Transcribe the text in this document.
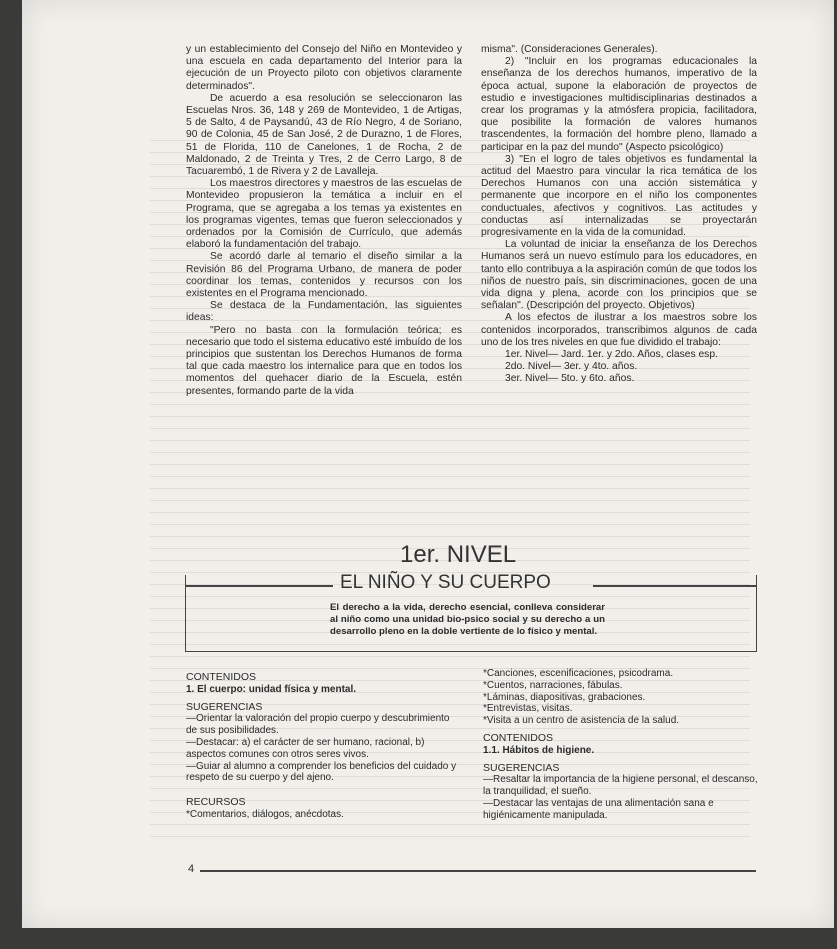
y un establecimiento del Consejo del Niño en Montevideo y una escuela en cada departamento del Interior para la ejecución de un Proyecto piloto con objetivos claramente determinados".

De acuerdo a esa resolución se seleccionaron las Escuelas Nros. 36, 148 y 269 de Montevideo, 1 de Artigas, 5 de Salto, 4 de Paysandú, 43 de Río Negro, 4 de Soriano, 90 de Colonia, 45 de San José, 2 de Durazno, 1 de Flores, 51 de Florida, 110 de Canelones, 1 de Rocha, 2 de Maldonado, 2 de Treinta y Tres, 2 de Cerro Largo, 8 de Tacuarembó, 1 de Rivera y 2 de Lavalleja.

Los maestros directores y maestros de las escuelas de Montevideo propusieron la temática a incluir en el Programa, que se agregaba a los temas ya existentes en los programas vigentes, temas que fueron seleccionados y ordenados por la Comisión de Currículo, que además elaboró la fundamentación del trabajo.

Se acordó darle al temario el diseño similar a la Revisión 86 del Programa Urbano, de manera de poder coordinar los temas, contenidos y recursos con los existentes en el Programa mencionado.

Se destaca de la Fundamentación, las siguientes ideas:

"Pero no basta con la formulación teórica; es necesario que todo el sistema educativo esté imbuído de los principios que sustentan los Derechos Humanos de forma tal que cada maestro los internalice para que en todos los momentos del quehacer diario de la Escuela, estén presentes, formando parte de la vida

misma". (Consideraciones Generales).

2) "Incluir en los programas educacionales la enseñanza de los derechos humanos, imperativo de la época actual, supone la elaboración de proyectos de estudio e investigaciones multidisciplinarias destinados a crear los programas y la atmósfera propicia, facilitadora, que posibilite la formación de valores humanos trascendentes, la formación del hombre pleno, llamado a participar en la paz del mundo" (Aspecto psicológico)

3) "En el logro de tales objetivos es fundamental la actitud del Maestro para vincular la rica temática de los Derechos Humanos con una acción sistemática y permanente que incorpore en el niño los componentes conductuales, afectivos y cognitivos. Las actitudes y conductas así internalizadas se proyectarán progresivamente en la vida de la comunidad.

La voluntad de iniciar la enseñanza de los Derechos Humanos será un nuevo estímulo para los educadores, en tanto ello contribuya a la aspiración común de que todos los niños de nuestro país, sin discriminaciones, gocen de una vida digna y plena, acorde con los principios que se señalan". (Descripción del proyecto. Objetivos)

A los efectos de ilustrar a los maestros sobre los contenidos incorporados, transcribimos algunos de cada uno de los tres niveles en que fue dividido el trabajo:

1er. Nivel— Jard. 1er. y 2do. Años, clases esp.

2do. Nivel— 3er. y 4to. años.

3er. Nivel— 5to. y 6to. años.

1er. NIVEL
EL NIÑO Y SU CUERPO
El derecho a la vida, derecho esencial, conlleva considerar al niño como una unidad bio-psico social y su derecho a un desarrollo pleno en la doble vertiente de lo físico y mental.

CONTENIDOS

1. El cuerpo: unidad física y mental.

SUGERENCIAS

—Orientar la valoración del propio cuerpo y descubrimiento de sus posibilidades.

—Destacar: a) el carácter de ser humano, racional, b) aspectos comunes con otros seres vivos.

—Guiar al alumno a comprender los beneficios del cuidado y respeto de su cuerpo y del ajeno.

RECURSOS

*Comentarios, diálogos, anécdotas.

*Canciones, escenificaciones, psicodrama.

*Cuentos, narraciones, fábulas.

*Láminas, diapositivas, grabaciones.

*Entrevistas, visitas.

*Visita a un centro de asistencia de la salud.

CONTENIDOS

1.1. Hábitos de higiene.

SUGERENCIAS

—Resaltar la importancia de la higiene personal, el descanso, la tranquilidad, el sueño.

—Destacar las ventajas de una alimentación sana e higiénicamente manipulada.

4
